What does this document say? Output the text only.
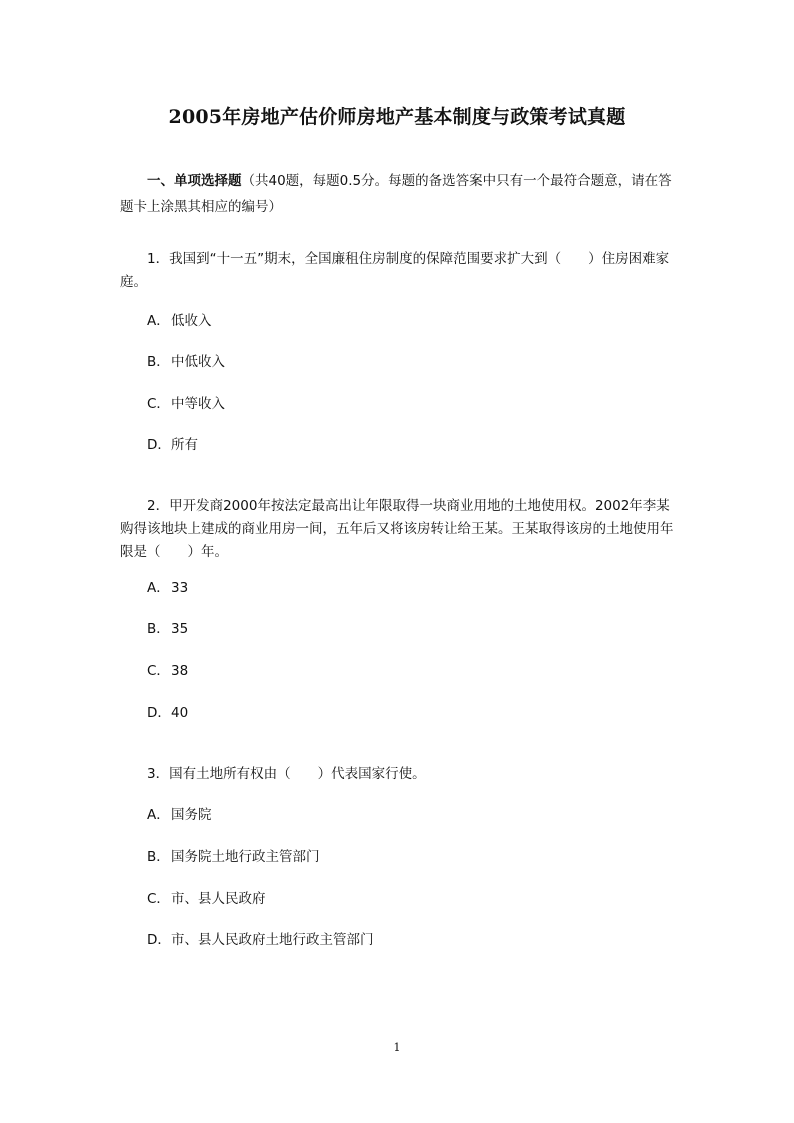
2005年房地产估价师房地产基本制度与政策考试真题
一、单项选择题（共40题，每题0.5分。每题的备选答案中只有一个最符合题意，请在答题卡上涂黑其相应的编号）
1．我国到“十一五”期末，全国廉租住房制度的保障范围要求扩大到（　　）住房困难家庭。
A．低收入
B．中低收入
C．中等收入
D．所有
2．甲开发商2000年按法定最高出让年限取得一块商业用地的土地使用权。2002年李某购得该地块上建成的商业用房一间，五年后又将该房转让给王某。王某取得该房的土地使用年限是（　　）年。
A．33
B．35
C．38
D．40
3．国有土地所有权由（　　）代表国家行使。
A．国务院
B．国务院土地行政主管部门
C．市、县人民政府
D．市、县人民政府土地行政主管部门
1
